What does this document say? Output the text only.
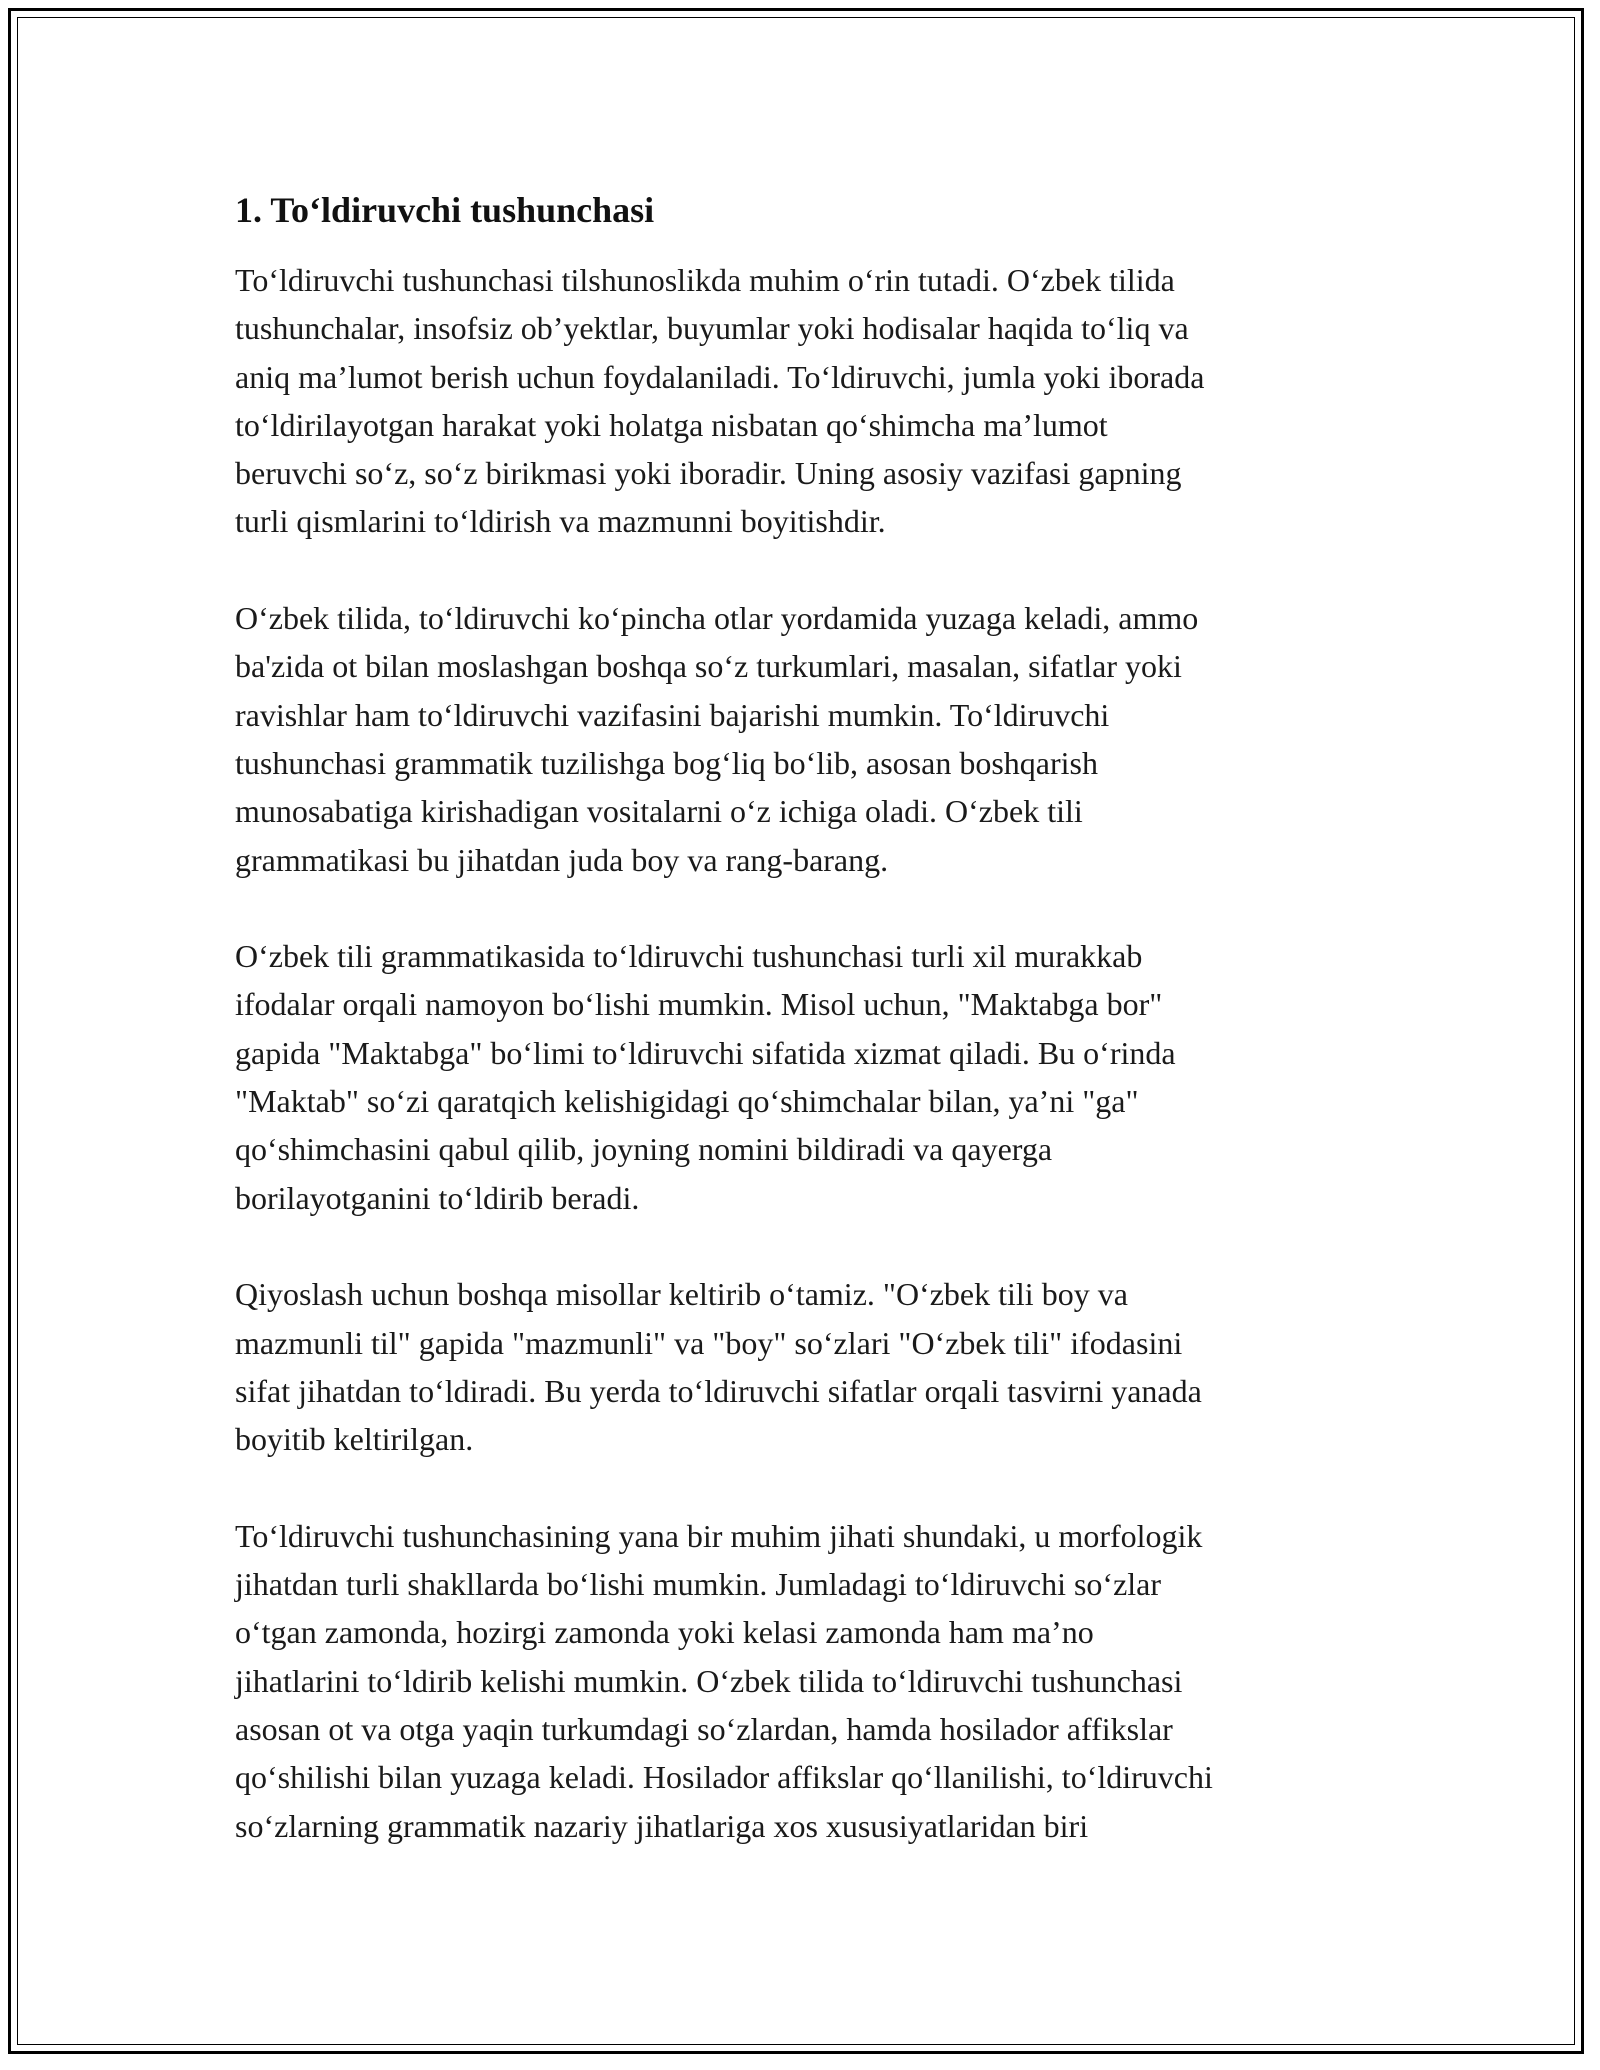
1. To‘ldiruvchi tushunchasi

To‘ldiruvchi tushunchasi tilshunoslikda muhim o‘rin tutadi. O‘zbek tilida
tushunchalar, insofsiz ob’yektlar, buyumlar yoki hodisalar haqida to‘liq va
aniq ma’lumot berish uchun foydalaniladi. To‘ldiruvchi, jumla yoki iborada
to‘ldirilayotgan harakat yoki holatga nisbatan qo‘shimcha ma’lumot
beruvchi so‘z, so‘z birikmasi yoki iboradir. Uning asosiy vazifasi gapning
turli qismlarini to‘ldirish va mazmunni boyitishdir.

O‘zbek tilida, to‘ldiruvchi ko‘pincha otlar yordamida yuzaga keladi, ammo
ba'zida ot bilan moslashgan boshqa so‘z turkumlari, masalan, sifatlar yoki
ravishlar ham to‘ldiruvchi vazifasini bajarishi mumkin. To‘ldiruvchi
tushunchasi grammatik tuzilishga bog‘liq bo‘lib, asosan boshqarish
munosabatiga kirishadigan vositalarni o‘z ichiga oladi. O‘zbek tili
grammatikasi bu jihatdan juda boy va rang-barang.

O‘zbek tili grammatikasida to‘ldiruvchi tushunchasi turli xil murakkab
ifodalar orqali namoyon bo‘lishi mumkin. Misol uchun, "Maktabga bor"
gapida "Maktabga" bo‘limi to‘ldiruvchi sifatida xizmat qiladi. Bu o‘rinda
"Maktab" so‘zi qaratqich kelishigidagi qo‘shimchalar bilan, ya’ni "ga"
qo‘shimchasini qabul qilib, joyning nomini bildiradi va qayerga
borilayotganini to‘ldirib beradi.

Qiyoslash uchun boshqa misollar keltirib o‘tamiz. "O‘zbek tili boy va
mazmunli til" gapida "mazmunli" va "boy" so‘zlari "O‘zbek tili" ifodasini
sifat jihatdan to‘ldiradi. Bu yerda to‘ldiruvchi sifatlar orqali tasvirni yanada
boyitib keltirilgan.

To‘ldiruvchi tushunchasining yana bir muhim jihati shundaki, u morfologik
jihatdan turli shakllarda bo‘lishi mumkin. Jumladagi to‘ldiruvchi so‘zlar
o‘tgan zamonda, hozirgi zamonda yoki kelasi zamonda ham ma’no
jihatlarini to‘ldirib kelishi mumkin. O‘zbek tilida to‘ldiruvchi tushunchasi
asosan ot va otga yaqin turkumdagi so‘zlardan, hamda hosilador affikslar
qo‘shilishi bilan yuzaga keladi. Hosilador affikslar qo‘llanilishi, to‘ldiruvchi
so‘zlarning grammatik nazariy jihatlariga xos xususiyatlaridan biri
